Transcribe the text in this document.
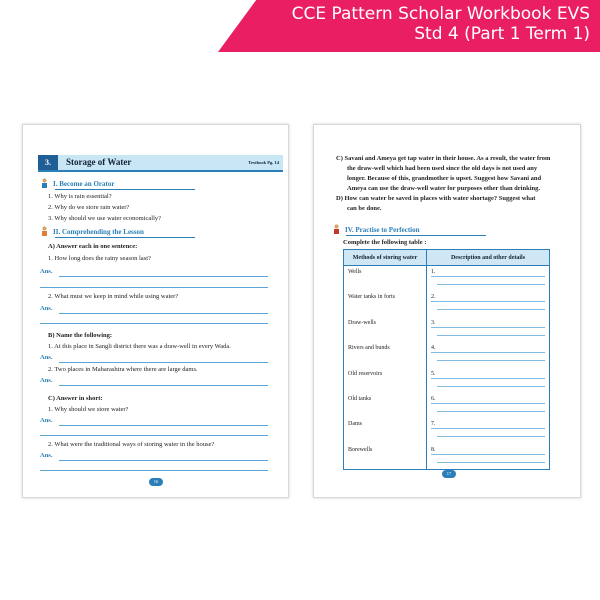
CCE Pattern Scholar Workbook EVS
Std 4 (Part 1 Term 1)
3.	Storage of Water	Textbook Pg. 14
I. Become an Orator
1. Why is rain essential?
2. Why do we store rain water?
3. Why should we use water economically?
II. Comprehending the Lesson
A) Answer each in one sentence:
1. How long does the rainy season last?
Ans.
2. What must we keep in mind while using water?
Ans.
B) Name the following:
1. At this place in Sangli district there was a draw-well in every Wada.
Ans.
2. Two places in Maharashtra where there are large dams.
Ans.
C) Answer in short:
1. Why should we store water?
Ans.
2. What were the traditional ways of storing water in the house?
Ans.
16
C) Savani and Ameya get tap water in their house. As a result, the water from
the draw-well which had been used since the old days is not used any
longer. Because of this, grandmother is upset. Suggest how Savani and
Ameya can use the draw-well water for purposes other than drinking.
D) How can water be saved in places with water shortage? Suggest what
can be done.
IV. Practise to Perfection
Complete the following table :
Methods of storing water	Description and other details
Wells	1.

Water tanks in forts	2.

Draw-wells	3.

Rivers and bunds	4.

Old reservoirs	5.

Old tanks	6.

Dams	7.

Borewells	8.
17
